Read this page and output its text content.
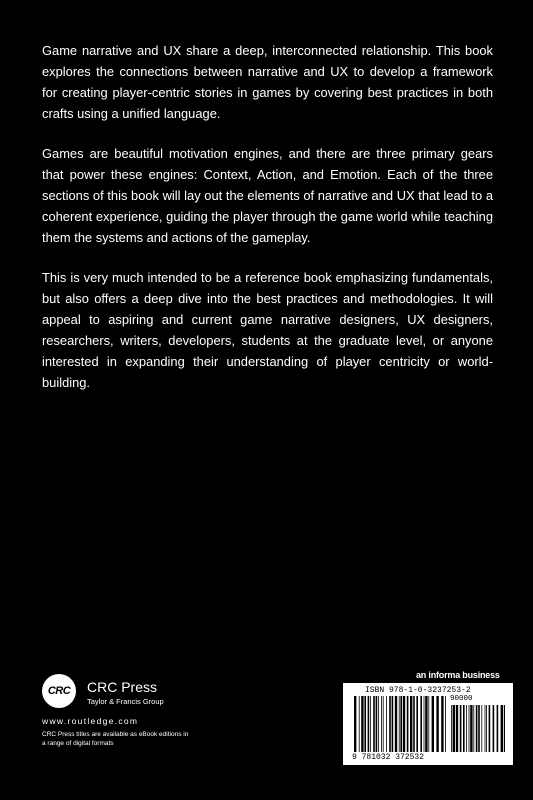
Game narrative and UX share a deep, interconnected relationship. This book explores the connections between narrative and UX to develop a framework for creating player-centric stories in games by covering best practices in both crafts using a unified language.

Games are beautiful motivation engines, and there are three primary gears that power these engines: Context, Action, and Emotion. Each of the three sections of this book will lay out the elements of narrative and UX that lead to a coherent experience, guiding the player through the game world while teaching them the systems and actions of the gameplay.

This is very much intended to be a reference book emphasizing fundamentals, but also offers a deep dive into the best practices and methodologies. It will appeal to aspiring and current game narrative designers, UX designers, researchers, writers, developers, students at the graduate level, or anyone interested in expanding their understanding of player centricity or world-building.

CRC	CRC Press
Taylor & Francis Group
www.routledge.com
CRC Press titles are available as eBook editions in a range of digital formats
an informa business
ISBN 978-1-0-3237253-2
90000
9 781032 372532
